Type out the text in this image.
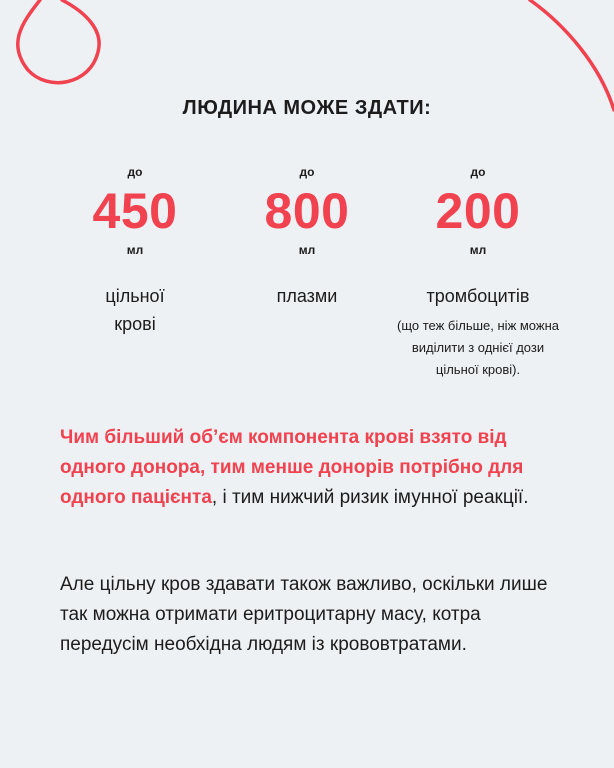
ЛЮДИНА МОЖЕ ЗДАТИ:
до
450
мл
цільної крові
до
800
мл
плазми
до
200
мл
тромбоцитів
(що теж більше, ніж можна виділити з однієї дози цільної крові).

Чим більший об’єм компонента крові взято від одного донора, тим менше донорів потрібно для одного пацієнта, і тим нижчий ризик імунної реакції.

Але цільну кров здавати також важливо, оскільки лише так можна отримати еритроцитарну масу, котра передусім необхідна людям із крововтратами.
